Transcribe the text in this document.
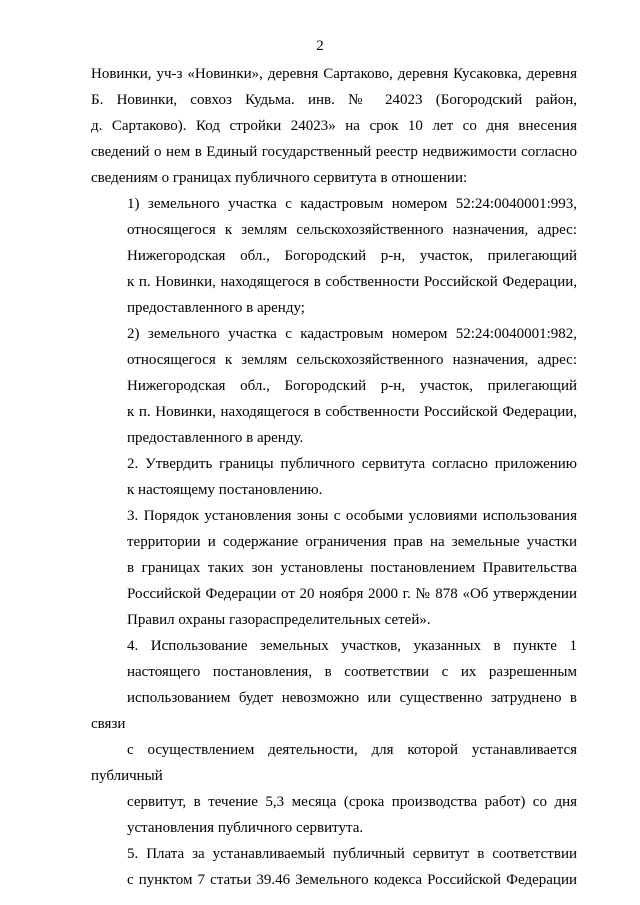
2

Новинки, уч-з «Новинки», деревня Сартаково, деревня Кусаковка, деревня
Б. Новинки, совхоз Кудьма. инв. № 24023 (Богородский район,
д. Сартаково). Код стройки 24023» на срок 10 лет со дня внесения
сведений о нем в Единый государственный реестр недвижимости согласно
сведениям о границах публичного сервитута в отношении:

1) земельного участка с кадастровым номером 52:24:0040001:993,
относящегося к землям сельскохозяйственного назначения, адрес:
Нижегородская обл., Богородский р-н, участок, прилегающий
к п. Новинки, находящегося в собственности Российской Федерации,
предоставленного в аренду;

2) земельного участка с кадастровым номером 52:24:0040001:982,
относящегося к землям сельскохозяйственного назначения, адрес:
Нижегородская обл., Богородский р-н, участок, прилегающий
к п. Новинки, находящегося в собственности Российской Федерации,
предоставленного в аренду.

2. Утвердить границы публичного сервитута согласно приложению
к настоящему постановлению.

3. Порядок установления зоны с особыми условиями использования
территории и содержание ограничения прав на земельные участки
в границах таких зон установлены постановлением Правительства
Российской Федерации от 20 ноября 2000 г. № 878 «Об утверждении
Правил охраны газораспределительных сетей».

4. Использование земельных участков, указанных в пункте 1
настоящего постановления, в соответствии с их разрешенным
использованием будет невозможно или существенно затруднено в связи
с осуществлением деятельности, для которой устанавливается публичный
сервитут, в течение 5,3 месяца (срока производства работ) со дня
установления публичного сервитута.

5. Плата за устанавливаемый публичный сервитут в соответствии
с пунктом 7 статьи 39.46 Земельного кодекса Российской Федерации
